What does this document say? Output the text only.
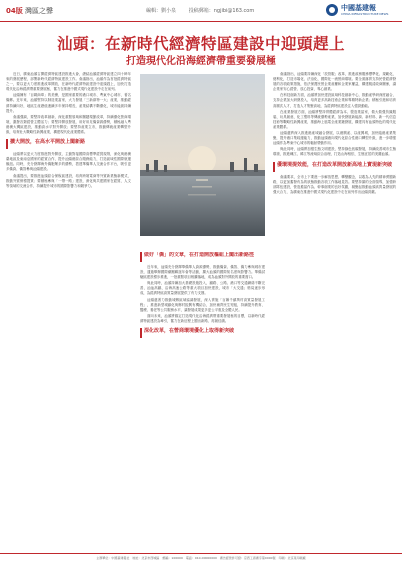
04版 灣區之聲	編輯：劉小泉	投稿郵箱：ngjibi@163.com	中國基建報
CHINA INFRASTRUCTURE NEWS
汕頭：在新時代經濟特區建設中迎頭趕上
打造現代化沿海經濟帶重要發展極

近日，廣東汕頭召開經濟特區建設推進大會，總結汕頭經濟特區建立四十餘年來的發展歷程，部署新時代經濟特區建設工作。會議指出，汕頭作為首批經濟特區之一，要以更大力度推進改革開放，在新時代經濟特區建設中迎頭趕上，加快打造現代化沿海經濟帶重要發展極，奮力在推進中國式現代化建設中走在前列。

汕頭擁有「百載商埠」的美譽，是國家重要的港口城市、粵東中心城市、著名僑鄉。近年來，汕頭堅持以制造業當家，大力發展「三新兩特一大」產業，推動經濟持續向好，地區生產總值連續多年保持增長，產業結構不斷優化，城市能級持續提升。

會議強調，要堅持改革創新，深化重點領域和關鍵環節改革，持續優化營商環境，激發各類經營主體活力；要堅持開放發展，用好用足僑資源優勢，積極融入粵港澳大灣區建設，推動高水平對外開放；要堅持產業立市，推動傳統產業轉型升級，培育壯大戰略性新興產業，構建現代化產業體系。

擴大開放，在高水平開放上闖新路

汕頭將以更大力度推進對外開放，主動對接國際高標準經貿規則，深化與港澳臺地區及東南亞國家的經貿合作，提升汕頭港綜合服務能力，打造區域性國際航運樞紐。同時，充分發揮海外僑胞眾多的優勢，搭建華僑華人交流合作平台，吸引更多僑資、僑智參與汕頭建設。

會議提出，要推進汕頭綜合保稅區建設，培育跨境電商等外貿新業態新模式，推動外貿保穩提質；要積極參與「一帶一路」建設，深化與共建國家在經貿、人文等領域的交流合作，持續提升城市的國際影響力和競爭力。

做好「僑」的文章，在打造開放樞紐上闖出新路徑

近年來，汕頭充分發揮華僑華人資源優勢，推動僑資、僑智、僑力參與城市建設，通過舉辦國際潮團聯誼年會等活動，擴大汕頭的國際知名度與影響力。華僑試驗區建設穩步推進，一批重點項目相繼落地，成為汕頭對外開放的重要窗口。

與此同時，汕頭持續加大基礎設施投入，鐵路、公路、港口等交通網絡不斷完善，汕汕高鐵、沿海高速公路等重大項目加快建設，城市「大交通」格局逐步形成，為經濟特區高質量發展提供了有力支撐。

汕頭還著力推動城鄉區域協調發展，深入實施「百縣千鎮萬村高質量發展工程」，推進新型城鎮化與鄉村振興有機結合，加快補齊民生短板，持續提升教育、醫療、養老等公共服務水平，讓發展成果更多更公平惠及全體人民。

面向未來，汕頭將錨定打造現代化沿海經濟帶重要發展極的目標，以新時代經濟特區建設為牽引，奮力在新征程上闖出新路、再創佳績。

深化改革，在營商環境優化上取得新突破

會議指出，汕頭要持續深化「放管服」改革，推進政務服務標準化、規範化、便利化，打造市場化、法治化、國際化一流營商環境。要全面落實支持民營經濟發展的各項政策措施，依法保護民營企業產權和企業家權益，構建親清政商關係，讓企業家安心經營、放心投資、專心創業。

在科技創新方面，汕頭將加快建設區域科技創新中心，推動產學研深度融合，支持企業加大研發投入，培育更多高新技術企業和專精特新企業；積極引進和培育高層次人才，打造人才集聚高地，為經濟特區建設注入強勁動能。

在產業發展方面，汕頭將堅持實體經濟為本、製造業當家，做大做強紡織服裝、玩具創意、化工塑料等傳統優勢產業，加快發展新能源、新材料、新一代信息技術等戰略性新興產業，推動海上風電全產業鏈發展，構建具有汕頭特色的現代化產業體系。

汕頭還將深入推進港產城融合發展，以港興產、以產興城，加快臨港產業集聚，提升港口集疏運能力，推動汕頭港向現代化綜合性港口轉型升級，進一步增強汕頭作為粵東中心城市的輻射帶動作用。

與此同時，汕頭將加強生態文明建設，堅持綠色低碳發展，持續改善城市生態環境，推進練江、韓江等流域綜合治理，打造山海相依、生態宜居的美麗汕頭。

優環境提效能，在打造改革開放新高地上實現新突破

會議要求，全市上下要進一步解放思想、轉變觀念，以敢為人先的精神勇闖新路，以更加奮發有為的狀態推動各項工作落地見效。要堅持黨的全面領導，加強幹部隊伍建設，營造擔當作為、幹事創業的良好氛圍，凝聚起推動汕頭高質量發展的強大合力，為廣東在推進中國式現代化建設中走在前列作出汕頭貢獻。

主辦單位：中國基建報社　地址：北京市西城區　郵編：100000　電話：010-00000000　廣告經營許可證：京西工商廣字第0000號　印刷：北京某印刷廠
